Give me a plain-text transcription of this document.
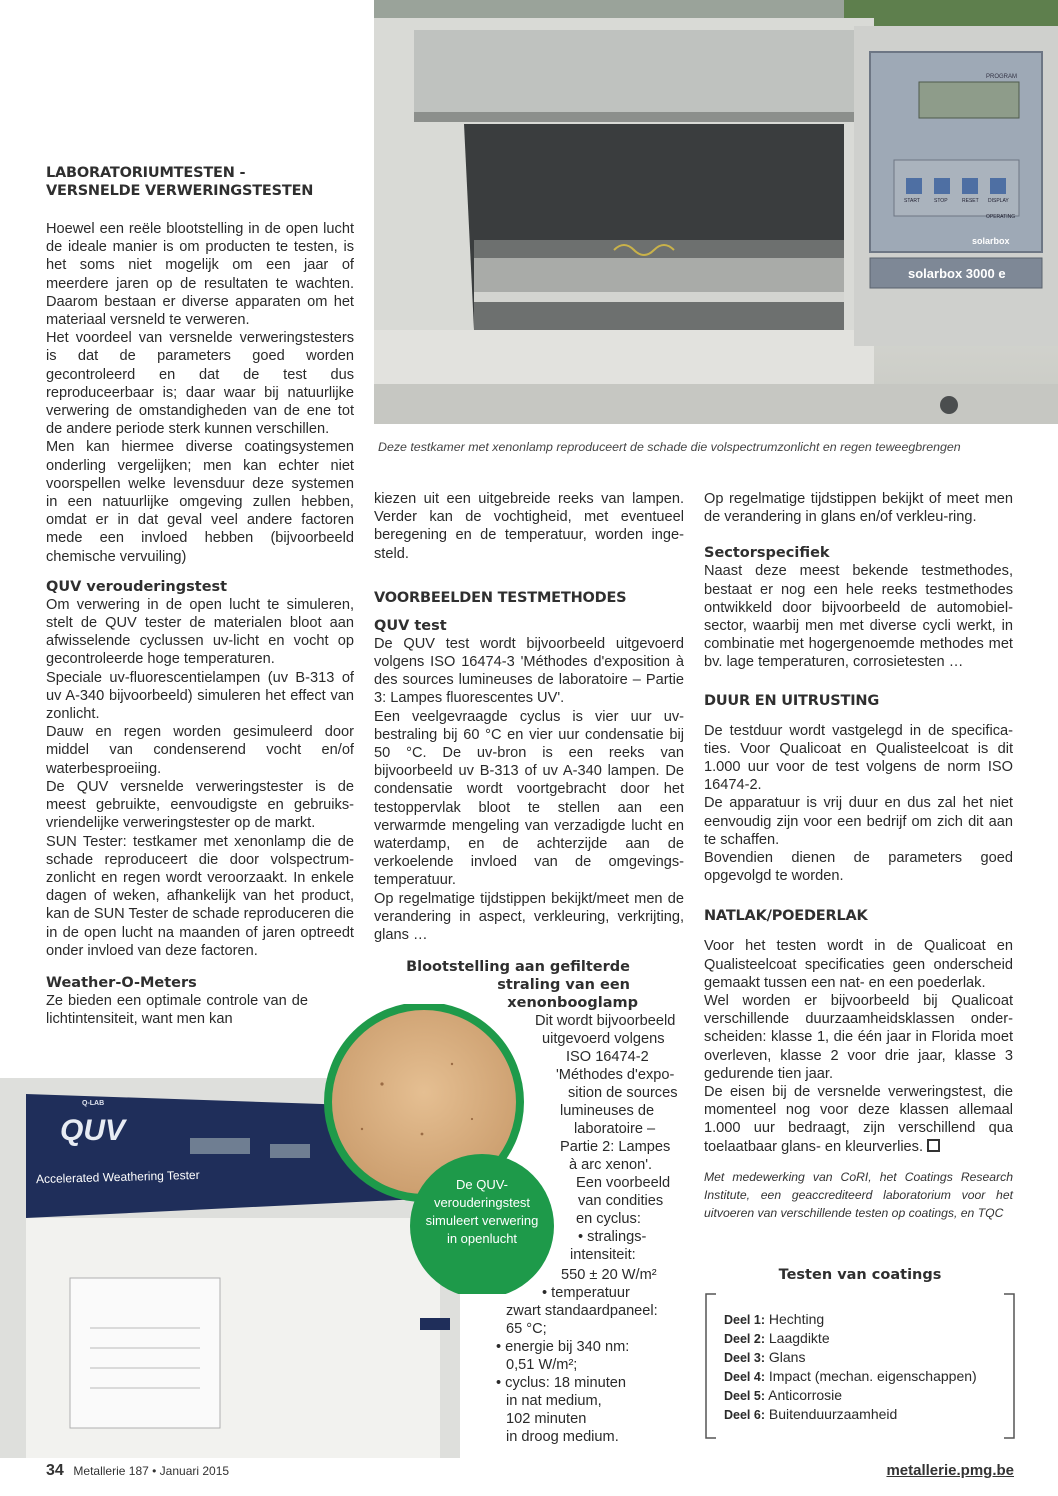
PROGRAM
solarbox
solarbox 3000 e
START	STOP	RESET DISPLAY
OPERATING
Deze testkamer met xenonlamp reproduceert de schade die volspectrumzonlicht en regen teweegbrengen
LABORATORIUMTESTEN -
VERSNELDE VERWERINGSTESTEN

Hoewel een reële blootstelling in de open lucht de ideale manier is om producten te testen, is het soms niet mogelijk om een jaar of meerdere jaren op de resultaten te wachten. Daarom bestaan er diverse apparaten om het materiaal versneld te verweren.

Het voordeel van versnelde verweringstesters is dat de parameters goed worden gecontroleerd en dat de test dus reproduceerbaar is; daar waar bij natuurlijke verwering de omstandigheden van de ene tot de andere periode sterk kunnen verschillen.

Men kan hiermee diverse coatingsystemen onderling vergelijken; men kan echter niet voorspellen welke levensduur deze systemen in een natuurlijke omgeving zullen hebben, omdat er in dat geval veel andere factoren mede een invloed hebben (bijvoorbeeld chemische vervuiling)

QUV verouderingstest

Om verwering in de open lucht te simuleren, stelt de QUV tester de materialen bloot aan afwisselende cyclussen uv-licht en vocht op gecontroleerde hoge temperaturen.

Speciale uv-fluorescentielampen (uv B-313 of uv A-340 bijvoorbeeld) simuleren het effect van zonlicht.

Dauw en regen worden gesimuleerd door middel van condenserend vocht en/of waterbesproeiing.

De QUV versnelde verweringstester is de meest gebruikte, eenvoudigste en gebruiks-vriendelijke verweringstester op de markt.

SUN Tester: testkamer met xenonlamp die de schade reproduceert die door volspectrum-zonlicht en regen wordt veroorzaakt. In enkele dagen of weken, afhankelijk van het product, kan de SUN Tester de schade reproduceren die in de open lucht na maanden of jaren optreedt onder invloed van deze factoren.

Weather-O-Meters
Ze bieden een optimale controle van de lichtintensiteit, want men kan
QUV
Q-LAB
Accelerated Weathering Tester	De QUV-
verouderingstest
simuleert verwering
in openlucht
kiezen uit een uitgebreide reeks van lampen. Verder kan de vochtigheid, met eventueel beregening en de temperatuur, worden inge-steld.
VOORBEELDEN TESTMETHODES
QUV test

De QUV test wordt bijvoorbeeld uitgevoerd volgens ISO 16474-3 'Méthodes d'exposition à des sources lumineuses de laboratoire – Partie 3: Lampes fluorescentes UV'.

Een veelgevraagde cyclus is vier uur uv-bestraling bij 60 °C en vier uur condensatie bij 50 °C. De uv-bron is een reeks van bijvoorbeeld uv B-313 of uv A-340 lampen. De condensatie wordt voortgebracht door het testoppervlak bloot te stellen aan een verwarmde mengeling van verzadigde lucht en waterdamp, en de achterzijde aan de verkoelende invloed van de omgevings-temperatuur.

Op regelmatige tijdstippen bekijkt/meet men de verandering in aspect, verkleuring, verkrijting, glans …

Blootstelling aan gefilterde
straling van een
xenonbooglamp
Dit wordt bijvoorbeeld
uitgevoerd volgens
ISO 16474-2
'Méthodes d'expo-
sition de sources
lumineuses de
laboratoire –
Partie 2: Lampes
à arc xenon'.
Een voorbeeld
van condities
en cyclus:
• stralings-
intensiteit:
550 ± 20 W/m²
• temperatuur
zwart standaardpaneel:
65 °C;
• energie bij 340 nm:
0,51 W/m²;
• cyclus: 18 minuten
in nat medium,
102 minuten
in droog medium.
Op regelmatige tijdstippen bekijkt of meet men de verandering in glans en/of verkleu-ring.
Sectorspecifiek
Naast deze meest bekende testmethodes, bestaat er nog een hele reeks testmethodes ontwikkeld door bijvoorbeeld de automobiel-sector, waarbij men met diverse cycli werkt, in combinatie met hogergenoemde methodes met bv. lage temperaturen, corrosietesten …
DUUR EN UITRUSTING

De testduur wordt vastgelegd in de specifica-ties. Voor Qualicoat en Qualisteelcoat is dit 1.000 uur voor de test volgens de norm ISO 16474-2.

De apparatuur is vrij duur en dus zal het niet eenvoudig zijn voor een bedrijf om zich dit aan te schaffen.

Bovendien dienen de parameters goed opgevolgd te worden.

NATLAK/POEDERLAK

Voor het testen wordt in de Qualicoat en Qualisteelcoat specificaties geen onderscheid gemaakt tussen een nat- en een poederlak.

Wel worden er bijvoorbeeld bij Qualicoat verschillende duurzaamheidsklassen onder-scheiden: klasse 1, die één jaar in Florida moet overleven, klasse 2 voor drie jaar, klasse 3 gedurende tien jaar.

De eisen bij de versnelde verweringstest, die momenteel nog voor deze klassen allemaal 1.000 uur bedraagt, zijn verschillend qua toelaatbaar glans- en kleurverlies.

Met medewerking van CoRI, het Coatings Research Institute, een geaccrediteerd laboratorium voor het uitvoeren van verschillende testen op coatings, en TQC
Testen van coatings
Deel 1: Hechting
Deel 2: Laagdikte
Deel 3: Glans
Deel 4: Impact (mechan. eigenschappen)
Deel 5: Anticorrosie
Deel 6: Buitenduurzaamheid
34 Metallerie 187 • Januari 2015	metallerie.pmg.be
